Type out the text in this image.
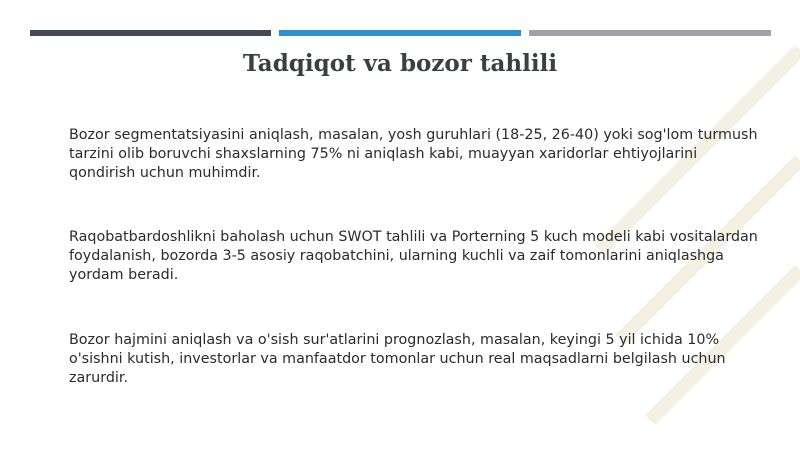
Tadqiqot va bozor tahlili

Bozor segmentatsiyasini aniqlash, masalan, yosh guruhlari (18-25, 26-40) yoki sog'lom turmush tarzini olib boruvchi shaxslarning 75% ni aniqlash kabi, muayyan xaridorlar ehtiyojlarini qondirish uchun muhimdir.

Raqobatbardoshlikni baholash uchun SWOT tahlili va Porterning 5 kuch modeli kabi vositalardan foydalanish, bozorda 3-5 asosiy raqobatchini, ularning kuchli va zaif tomonlarini aniqlashga yordam beradi.

Bozor hajmini aniqlash va o'sish sur'atlarini prognozlash, masalan, keyingi 5 yil ichida 10% o'sishni kutish, investorlar va manfaatdor tomonlar uchun real maqsadlarni belgilash uchun zarurdir.
